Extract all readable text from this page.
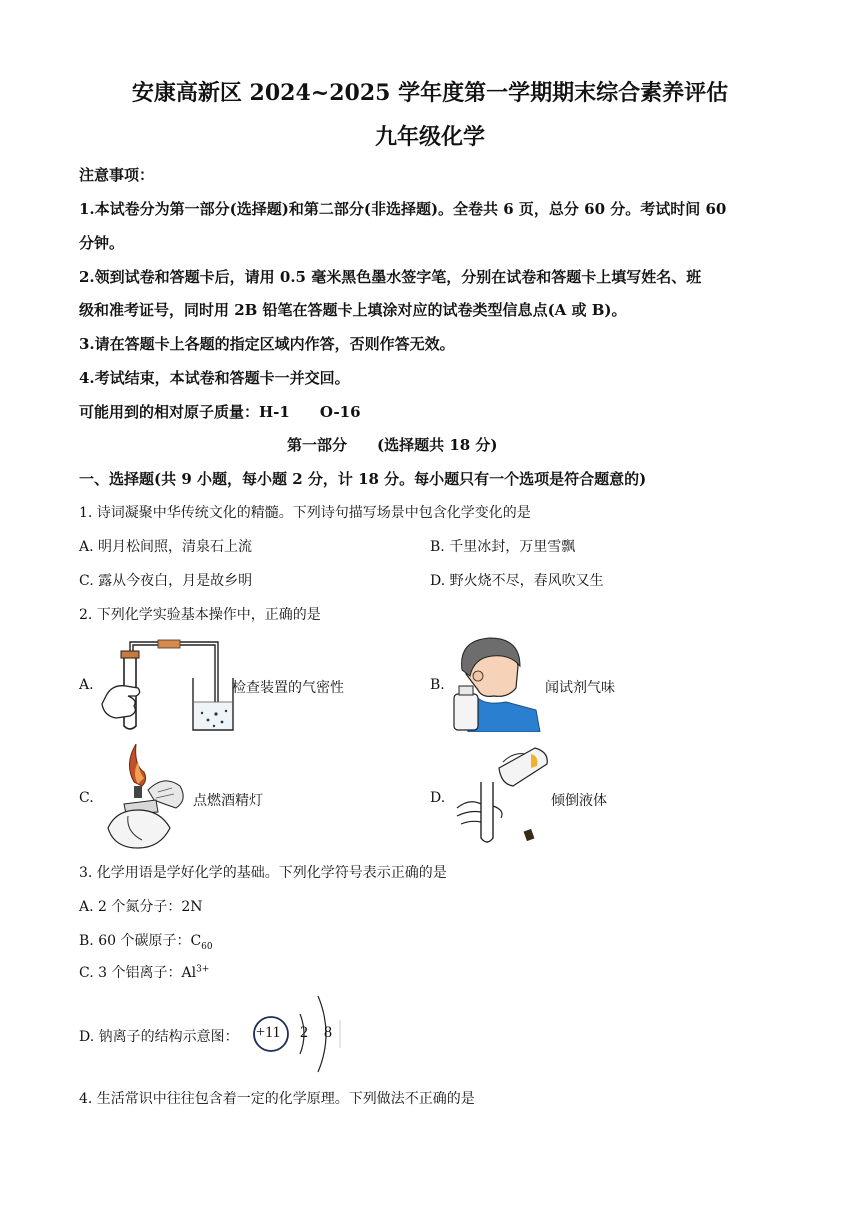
安康高新区 2024~2025 学年度第一学期期末综合素养评估
九年级化学
注意事项：
1.本试卷分为第一部分(选择题)和第二部分(非选择题)。全卷共 6 页，总分 60 分。考试时间 60
分钟。
2.领到试卷和答题卡后，请用 0.5 毫米黑色墨水签字笔，分别在试卷和答题卡上填写姓名、班
级和准考证号，同时用 2B 铅笔在答题卡上填涂对应的试卷类型信息点(A 或 B)。
3.请在答题卡上各题的指定区域内作答，否则作答无效。
4.考试结束，本试卷和答题卡一并交回。
可能用到的相对原子质量：H-1　　O-16
第一部分　　(选择题共 18 分)
一、选择题(共 9 小题，每小题 2 分，计 18 分。每小题只有一个选项是符合题意的)
1. 诗词凝聚中华传统文化的精髓。下列诗句描写场景中包含化学变化的是
A. 明月松间照，清泉石上流	B. 千里冰封，万里雪飘
C. 露从今夜白，月是故乡明	D. 野火烧不尽，春风吹又生
2. 下列化学实验基本操作中，正确的是
A.	检查装置的气密性	B.	闻试剂气味
C.	点燃酒精灯	D.	倾倒液体
3. 化学用语是学好化学的基础。下列化学符号表示正确的是
A. 2 个氮分子：2N
B. 60 个碳原子：$C_{60}$
C. 3 个铝离子：$Al^{3+}$
D. 钠离子的结构示意图： +11 2 8
4. 生活常识中往往包含着一定的化学原理。下列做法不正确的是
